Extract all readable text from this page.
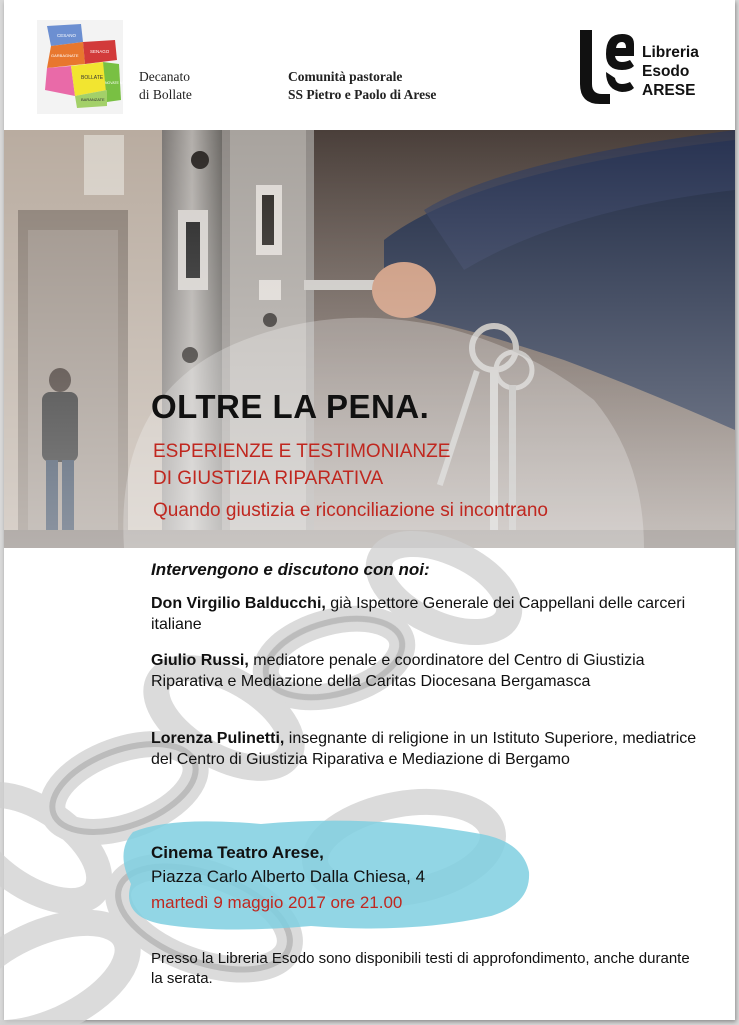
CESANO
GARBAGNATE
SENAGO
BOLLATE
BARANZATE
NOVATE MILANESE Decanato
di Bollate
Comunità pastorale
SS Pietro e Paolo di Arese
Libreria
Esodo
ARESE
OLTRE LA PENA.
ESPERIENZE E TESTIMONIANZE
DI GIUSTIZIA RIPARATIVA
Quando giustizia e riconciliazione si incontrano
Intervengono e discutono con noi:
Don Virgilio Balducchi, già Ispettore Generale dei Cappellani delle carceri italiane
Giulio Russi, mediatore penale e coordinatore del Centro di Giustizia Riparativa e Mediazione della Caritas Diocesana Bergamasca
Lorenza Pulinetti, insegnante di religione in un Istituto Superiore, mediatrice del Centro di Giustizia Riparativa e Mediazione di Bergamo
Cinema Teatro Arese,
Piazza Carlo Alberto Dalla Chiesa, 4
martedì 9 maggio 2017 ore 21.00
Presso la Libreria Esodo sono disponibili testi di approfondimento, anche durante la serata.
